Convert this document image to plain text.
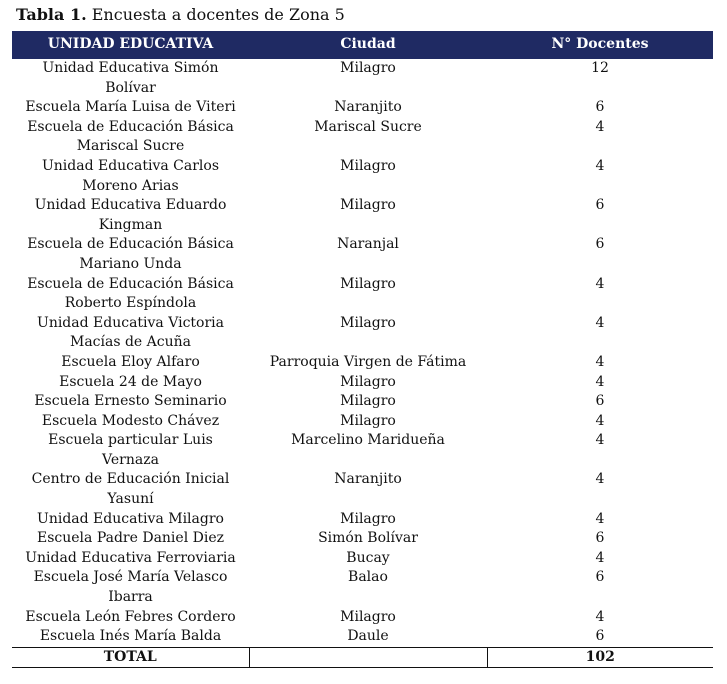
Tabla 1. Encuesta a docentes de Zona 5
UNIDAD EDUCATIVA	Ciudad	N° Docentes
Unidad Educativa Simón Bolívar	Milagro	12
Escuela María Luisa de Viteri	Naranjito	6
Escuela de Educación Básica Mariscal Sucre	Mariscal Sucre	4
Unidad Educativa Carlos Moreno Arias	Milagro	4
Unidad Educativa Eduardo Kingman	Milagro	6
Escuela de Educación Básica Mariano Unda	Naranjal	6
Escuela de Educación Básica Roberto Espíndola	Milagro	4
Unidad Educativa Victoria Macías de Acuña	Milagro	4
Escuela Eloy Alfaro	Parroquia Virgen de Fátima	4
Escuela 24 de Mayo	Milagro	4
Escuela Ernesto Seminario	Milagro	6
Escuela Modesto Chávez	Milagro	4
Escuela particular Luis Vernaza	Marcelino Maridueña	4
Centro de Educación Inicial Yasuní	Naranjito	4
Unidad Educativa Milagro	Milagro	4
Escuela Padre Daniel Diez	Simón Bolívar	6
Unidad Educativa Ferroviaria	Bucay	4
Escuela José María Velasco Ibarra	Balao	6
Escuela León Febres Cordero	Milagro	4
Escuela Inés María Balda	Daule	6
TOTAL		102
